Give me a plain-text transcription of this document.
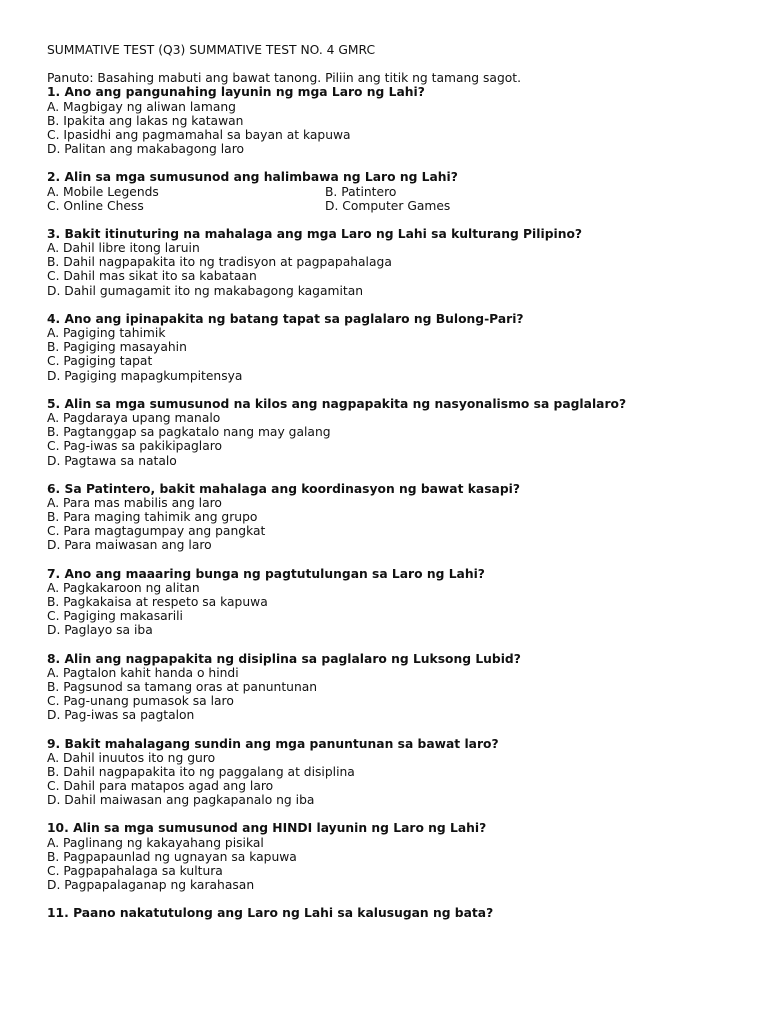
SUMMATIVE TEST (Q3) SUMMATIVE TEST NO. 4 GMRC
Panuto: Basahing mabuti ang bawat tanong. Piliin ang titik ng tamang sagot.
1. Ano ang pangunahing layunin ng mga Laro ng Lahi?
A. Magbigay ng aliwan lamang
B. Ipakita ang lakas ng katawan
C. Ipasidhi ang pagmamahal sa bayan at kapuwa
D. Palitan ang makabagong laro
2. Alin sa mga sumusunod ang halimbawa ng Laro ng Lahi?
A. Mobile Legends	B. Patintero
C. Online Chess	D. Computer Games
3. Bakit itinuturing na mahalaga ang mga Laro ng Lahi sa kulturang Pilipino?
A. Dahil libre itong laruin
B. Dahil nagpapakita ito ng tradisyon at pagpapahalaga
C. Dahil mas sikat ito sa kabataan
D. Dahil gumagamit ito ng makabagong kagamitan
4. Ano ang ipinapakita ng batang tapat sa paglalaro ng Bulong-Pari?
A. Pagiging tahimik
B. Pagiging masayahin
C. Pagiging tapat
D. Pagiging mapagkumpitensya
5. Alin sa mga sumusunod na kilos ang nagpapakita ng nasyonalismo sa paglalaro?
A. Pagdaraya upang manalo
B. Pagtanggap sa pagkatalo nang may galang
C. Pag-iwas sa pakikipaglaro
D. Pagtawa sa natalo
6. Sa Patintero, bakit mahalaga ang koordinasyon ng bawat kasapi?
A. Para mas mabilis ang laro
B. Para maging tahimik ang grupo
C. Para magtagumpay ang pangkat
D. Para maiwasan ang laro
7. Ano ang maaaring bunga ng pagtutulungan sa Laro ng Lahi?
A. Pagkakaroon ng alitan
B. Pagkakaisa at respeto sa kapuwa
C. Pagiging makasarili
D. Paglayo sa iba
8. Alin ang nagpapakita ng disiplina sa paglalaro ng Luksong Lubid?
A. Pagtalon kahit handa o hindi
B. Pagsunod sa tamang oras at panuntunan
C. Pag-unang pumasok sa laro
D. Pag-iwas sa pagtalon
9. Bakit mahalagang sundin ang mga panuntunan sa bawat laro?
A. Dahil inuutos ito ng guro
B. Dahil nagpapakita ito ng paggalang at disiplina
C. Dahil para matapos agad ang laro
D. Dahil maiwasan ang pagkapanalo ng iba
10. Alin sa mga sumusunod ang HINDI layunin ng Laro ng Lahi?
A. Paglinang ng kakayahang pisikal
B. Pagpapaunlad ng ugnayan sa kapuwa
C. Pagpapahalaga sa kultura
D. Pagpapalaganap ng karahasan
11. Paano nakatutulong ang Laro ng Lahi sa kalusugan ng bata?
